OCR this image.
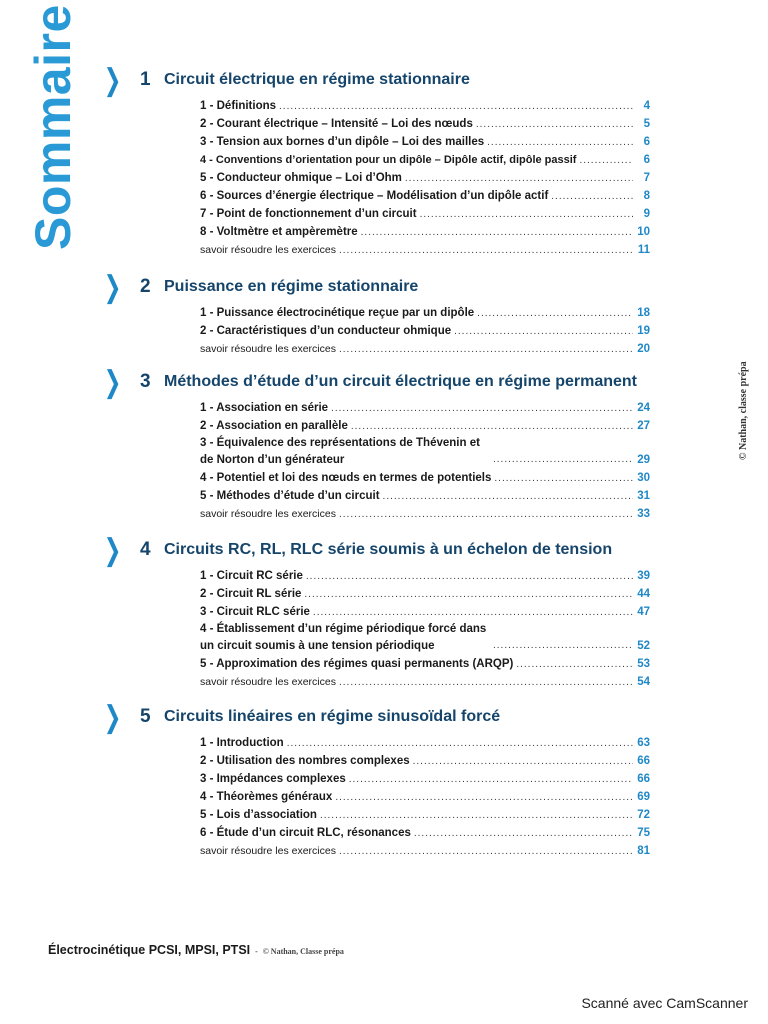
Sommaire ❯ 1 Circuit électrique en régime stationnaire
1 - Définitions .....	4
2 - Courant électrique – Intensité – Loi des nœuds .....	5
3 - Tension aux bornes d’un dipôle – Loi des mailles .....	6
4 - Conventions d’orientation pour un dipôle – Dipôle actif, dipôle passif .....	6
5 - Conducteur ohmique – Loi d’Ohm .....	7
6 - Sources d’énergie électrique – Modélisation d’un dipôle actif .....	8
7 - Point de fonctionnement d’un circuit .....	9
8 - Voltmètre et ampèremètre .....	10
savoir résoudre les exercices .....	11
❯ 2 Puissance en régime stationnaire
1 - Puissance électrocinétique reçue par un dipôle .....	18
2 - Caractéristiques d’un conducteur ohmique .....	19
savoir résoudre les exercices .....	20
❯ 3 Méthodes d’étude d’un circuit électrique en régime permanent
1 - Association en série .....	24
2 - Association en parallèle .....	27
3 - Équivalence des représentations de Thévenin et de Norton d’un générateur .....	29
4 - Potentiel et loi des nœuds en termes de potentiels .....	30
5 - Méthodes d’étude d’un circuit .....	31
savoir résoudre les exercices .....	33
❯ 4 Circuits RC, RL, RLC série soumis à un échelon de tension
1 - Circuit RC série .....	39
2 - Circuit RL série .....	44
3 - Circuit RLC série .....	47
4 - Établissement d’un régime périodique forcé dans un circuit soumis à une tension périodique .....	52
5 - Approximation des régimes quasi permanents (ARQP) .....	53
savoir résoudre les exercices .....	54
❯ 5 Circuits linéaires en régime sinusoïdal forcé
1 - Introduction .....	63
2 - Utilisation des nombres complexes .....	66
3 - Impédances complexes .....	66
4 - Théorèmes généraux .....	69
5 - Lois d’association .....	72
6 - Étude d’un circuit RLC, résonances .....	75
savoir résoudre les exercices .....	81
© Nathan, classe prépa
Électrocinétique PCSI, MPSI, PTSI - © Nathan, Classe prépa
Scanné avec CamScanner
